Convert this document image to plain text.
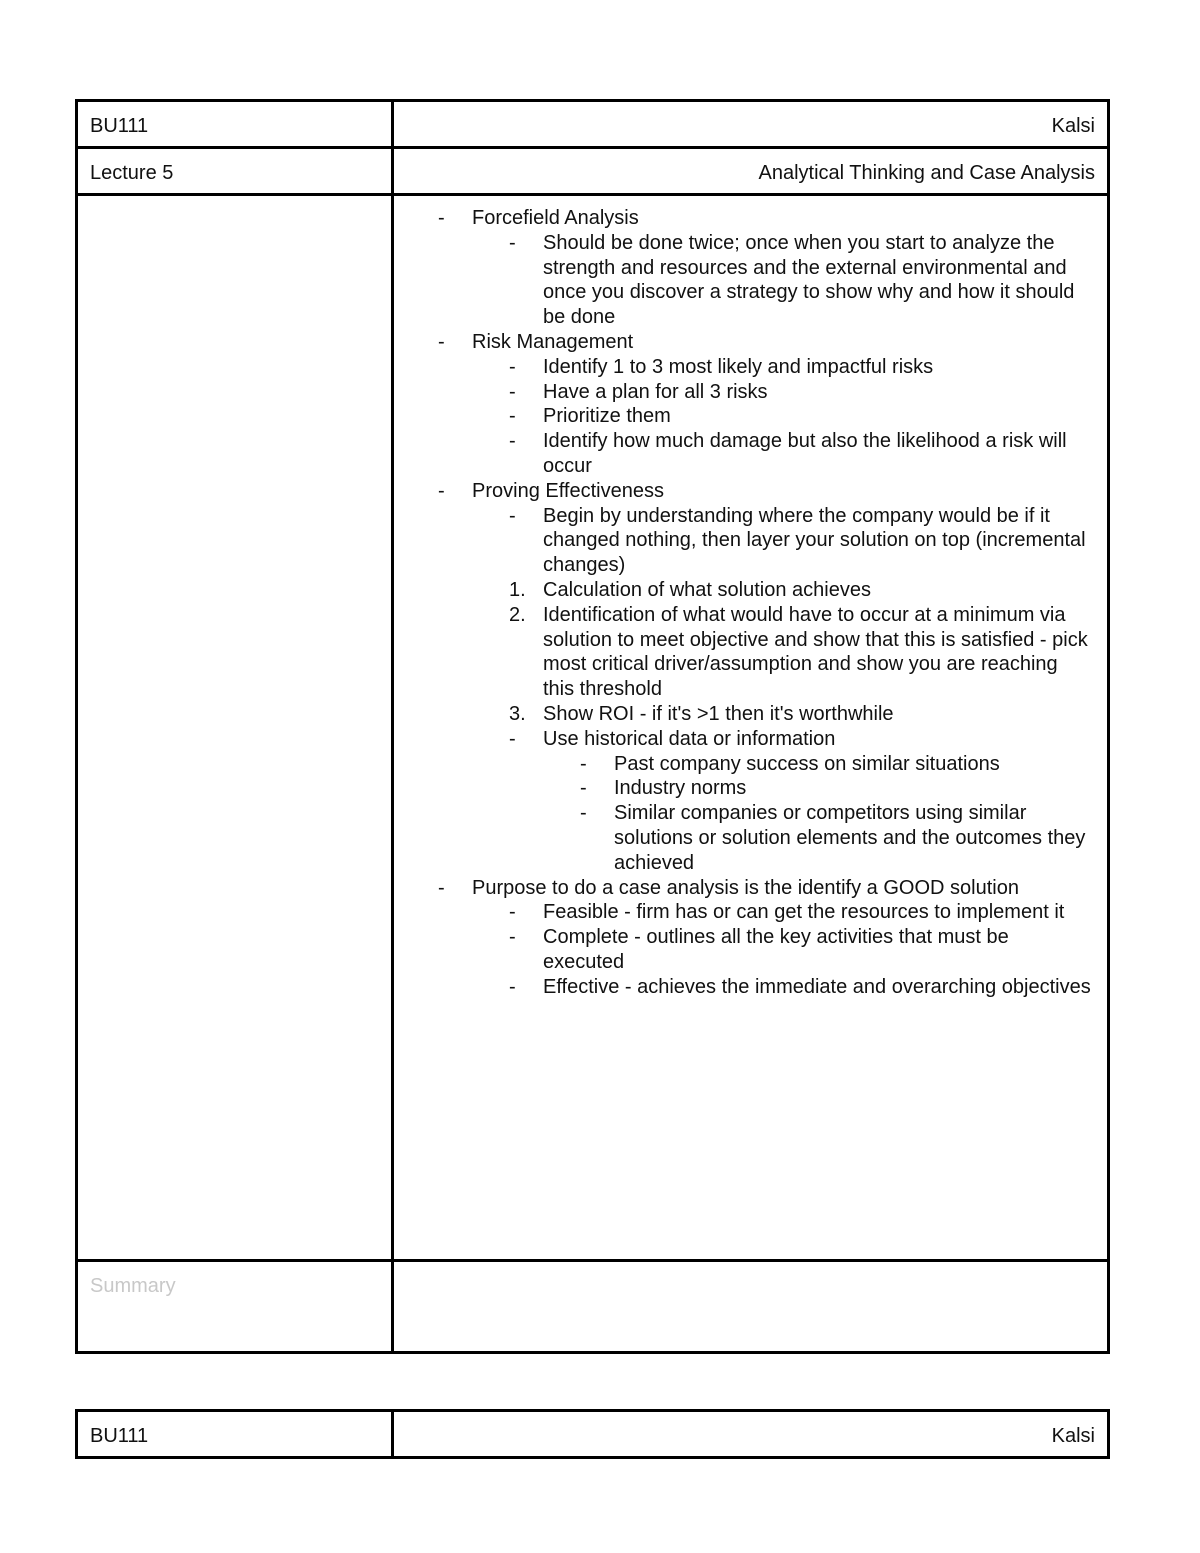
BU111	Kalsi
Lecture 5	Analytical Thinking and Case Analysis
-	Forcefield Analysis
-	Should be done twice; once when you start to analyze the strength and resources and the external environmental and once you discover a strategy to show why and how it should be done
-	Risk Management
-	Identify 1 to 3 most likely and impactful risks
-	Have a plan for all 3 risks
-	Prioritize them
-	Identify how much damage but also the likelihood a risk will occur
-	Proving Effectiveness
-	Begin by understanding where the company would be if it changed nothing, then layer your solution on top (incremental changes)
1. Calculation of what solution achieves
2. Identification of what would have to occur at a minimum via solution to meet objective and show that this is satisfied - pick most critical driver/assumption and show you are reaching this threshold
3. Show ROI - if it's >1 then it's worthwhile
-	Use historical data or information
-	Past company success on similar situations
-	Industry norms
-	Similar companies or competitors using similar solutions or solution elements and the outcomes they achieved
-	Purpose to do a case analysis is the identify a GOOD solution
-	Feasible - firm has or can get the resources to implement it
-	Complete - outlines all the key activities that must be executed
-	Effective - achieves the immediate and overarching objectives
Summary
BU111	Kalsi
